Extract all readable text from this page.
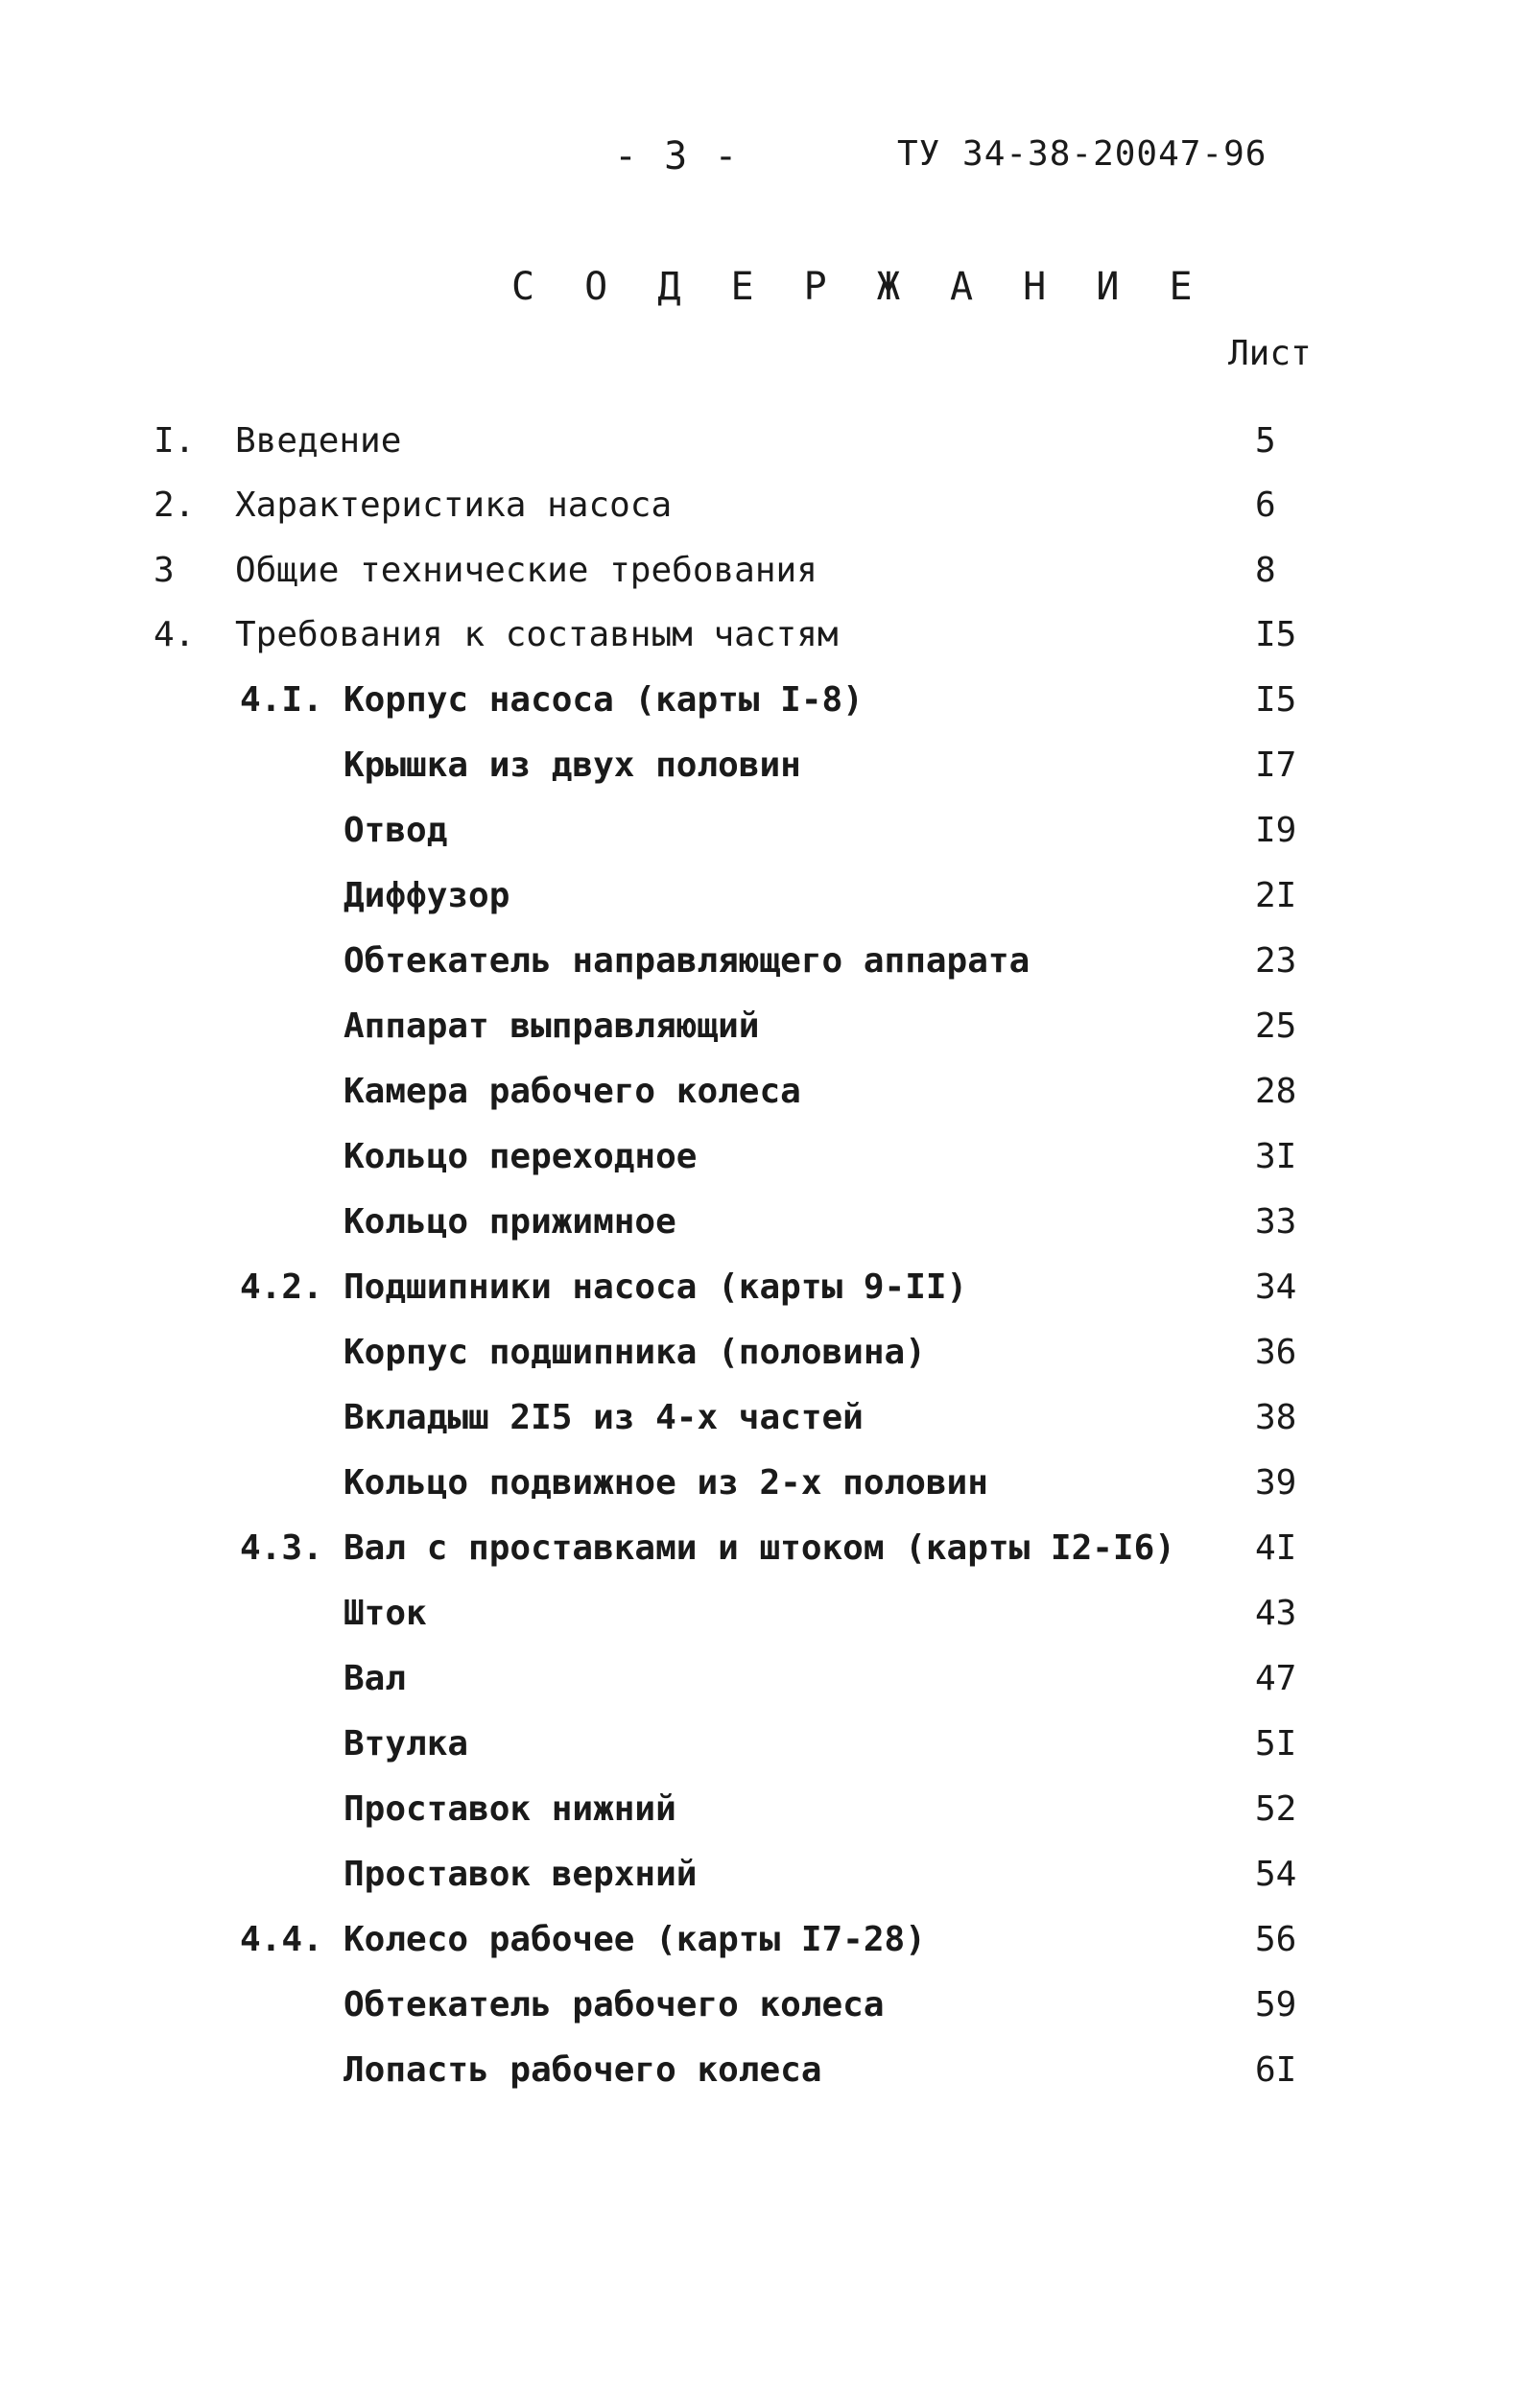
- 3 -	ТУ 34-38-20047-96
С О Д Е Р Ж А Н И Е
Лист
I. Введение	5
2. Характеристика насоса	6
3 Общие технические требования	8
4. Требования к составным частям	I5
4.I. Корпус насоса (карты I-8)	I5
Крышка из двух половин	I7
Отвод	I9
Диффузор	2I
Обтекатель направляющего аппарата	23
Аппарат выправляющий	25
Камера рабочего колеса	28
Кольцо переходное	3I
Кольцо прижимное	33
4.2. Подшипники насоса (карты 9-II)	34
Корпус подшипника (половина)	36
Вкладыш 2I5 из 4-х частей	38
Кольцо подвижное из 2-х половин	39
4.3. Вал с проставками и штоком (карты I2-I6) 4I
Шток	43
Вал	47
Втулка	5I
Проставок нижний	52
Проставок верхний	54
4.4. Колесо рабочее (карты I7-28)	56
Обтекатель рабочего колеса	59
Лопасть рабочего колеса	6I
